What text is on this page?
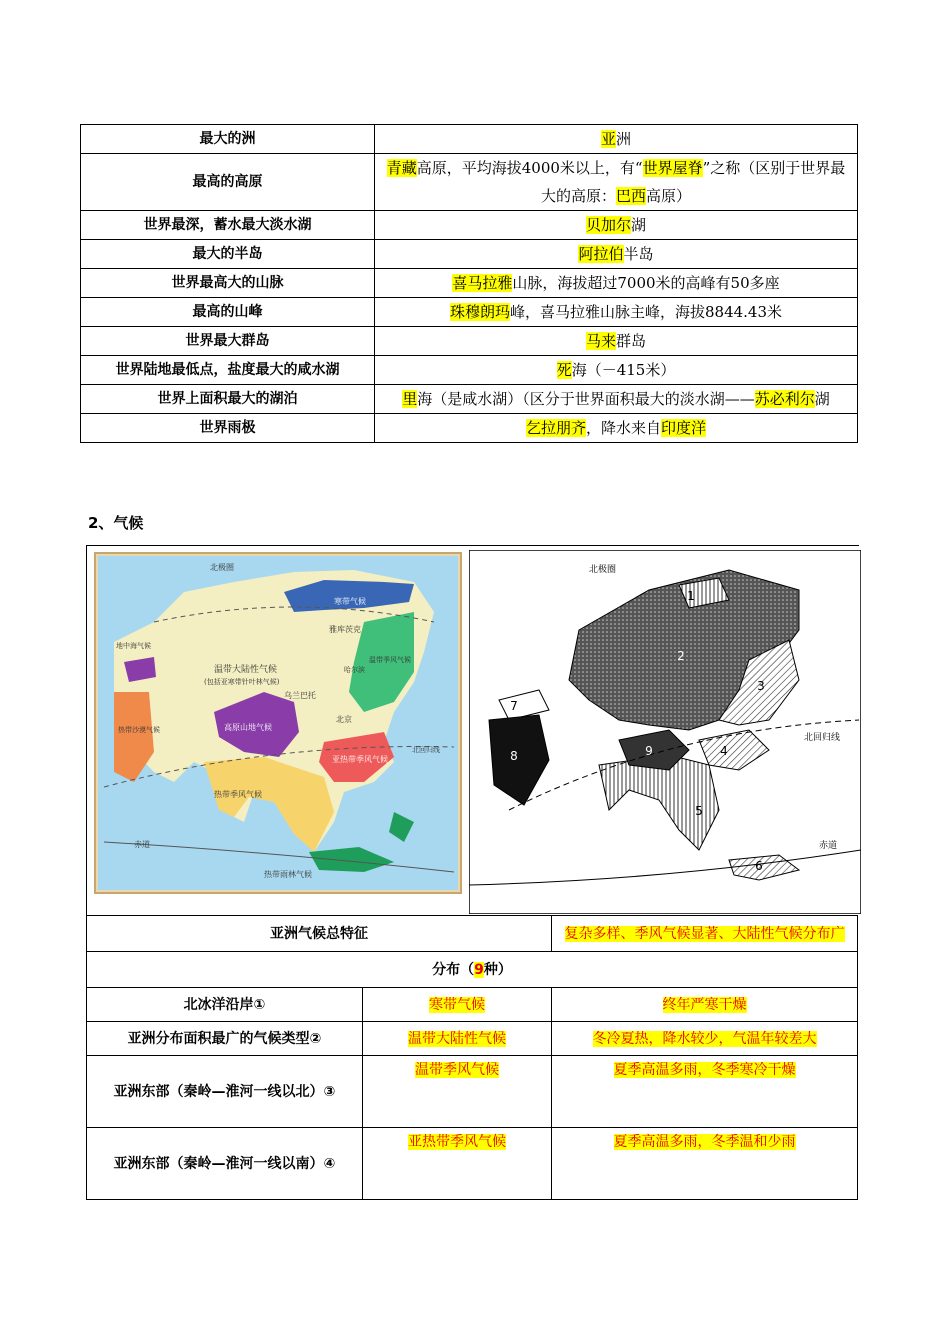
最大的洲	亚洲
最高的高原	青藏高原，平均海拔4000米以上，有“世界屋脊”之称（区别于世界最大的高原：巴西高原）
世界最深，蓄水最大淡水湖	贝加尔湖
最大的半岛	阿拉伯半岛
世界最高大的山脉	喜马拉雅山脉，海拔超过7000米的高峰有50多座
最高的山峰	珠穆朗玛峰，喜马拉雅山脉主峰，海拔8844.43米
世界最大群岛	马来群岛
世界陆地最低点，盐度最大的咸水湖	死海（－415米）
世界上面积最大的湖泊	里海（是咸水湖）（区分于世界面积最大的淡水湖——苏必利尔湖
世界雨极	乞拉朋齐，降水来自印度洋
2、气候
北极圈
寒带气候
雅库茨克
地中海气候
温带大陆性气候
(包括亚寒带针叶林气候)
乌兰巴托
北京
哈尔滨
温带季风气候
热带沙漠气候	高原山地气候
亚热带季风气候
北回归线
热带季风气候
赤道
热带雨林气候
北极圈
北回归线
赤道
1
2
3
4
5
6
7
8	9
亚洲气候总特征		复杂多样、季风气候显著、大陆性气候分布广
分布（9种）		
北冰洋沿岸①	寒带气候	终年严寒干燥
亚洲分布面积最广的气候类型②	温带大陆性气候	冬冷夏热，降水较少，气温年较差大
亚洲东部（秦岭—淮河一线以北）③	温带季风气候	夏季高温多雨，冬季寒冷干燥
亚洲东部（秦岭—淮河一线以南）④	亚热带季风气候	夏季高温多雨，冬季温和少雨
